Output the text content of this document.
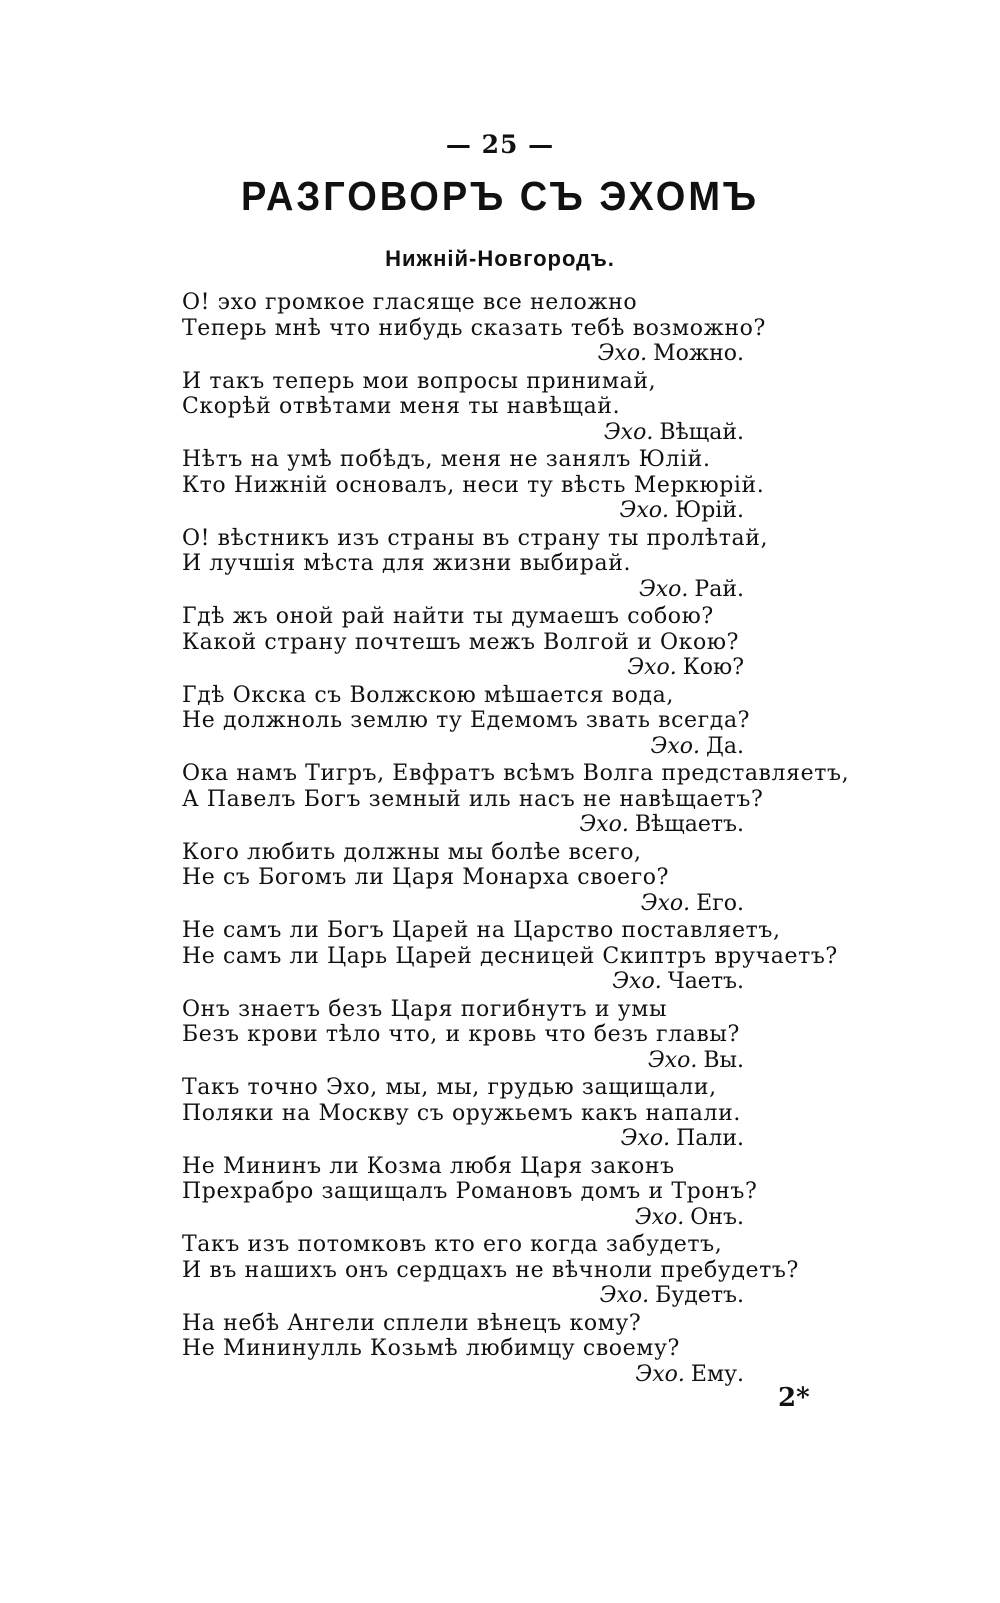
— 25 —
РАЗГОВОРЪ СЪ ЭХОМЪ
Нижній-Новгородъ.
О! эхо громкое гласяще все неложно
Теперь мнѣ что нибудь сказать тебѣ возможно?
Эхо. Можно.
И такъ теперь мои вопросы принимай,
Скорѣй отвѣтами меня ты навѣщай.
Эхо. Вѣщай.
Нѣтъ на умѣ побѣдъ, меня не занялъ Юлій.
Кто Нижній основалъ, неси ту вѣсть Меркюрій.
Эхо. Юрій.
О! вѣстникъ изъ страны въ страну ты пролѣтай,
И лучшія мѣста для жизни выбирай.
Эхо. Рай.
Гдѣ жъ оной рай найти ты думаешъ собою?
Какой страну почтешъ межъ Волгой и Окою?
Эхо. Кою?
Гдѣ Окска съ Волжскою мѣшается вода,
Не должноль землю ту Едемомъ звать всегда?
Эхо. Да.
Ока намъ Тигръ, Евфратъ всѣмъ Волга представляетъ,
А Павелъ Богъ земный иль насъ не навѣщаетъ?
Эхо. Вѣщаетъ.
Кого любить должны мы болѣе всего,
Не съ Богомъ ли Царя Монарха своего?
Эхо. Его.
Не самъ ли Богъ Царей на Царство поставляетъ,
Не самъ ли Царь Царей десницей Скиптръ вручаетъ?
Эхо. Чаетъ.
Онъ знаетъ безъ Царя погибнутъ и умы
Безъ крови тѣло что, и кровь что безъ главы?
Эхо. Вы.
Такъ точно Эхо, мы, мы, грудью защищали,
Поляки на Москву съ оружьемъ какъ напали.
Эхо. Пали.
Не Мининъ ли Козма любя Царя законъ
Прехрабро защищалъ Романовъ домъ и Тронъ?
Эхо. Онъ.
Такъ изъ потомковъ кто его когда забудетъ,
И въ нашихъ онъ сердцахъ не вѣчноли пребудетъ?
Эхо. Будетъ.
На небѣ Ангели сплели вѣнецъ кому?
Не Мининулль Козьмѣ любимцу своему?
Эхо. Ему.
2*
